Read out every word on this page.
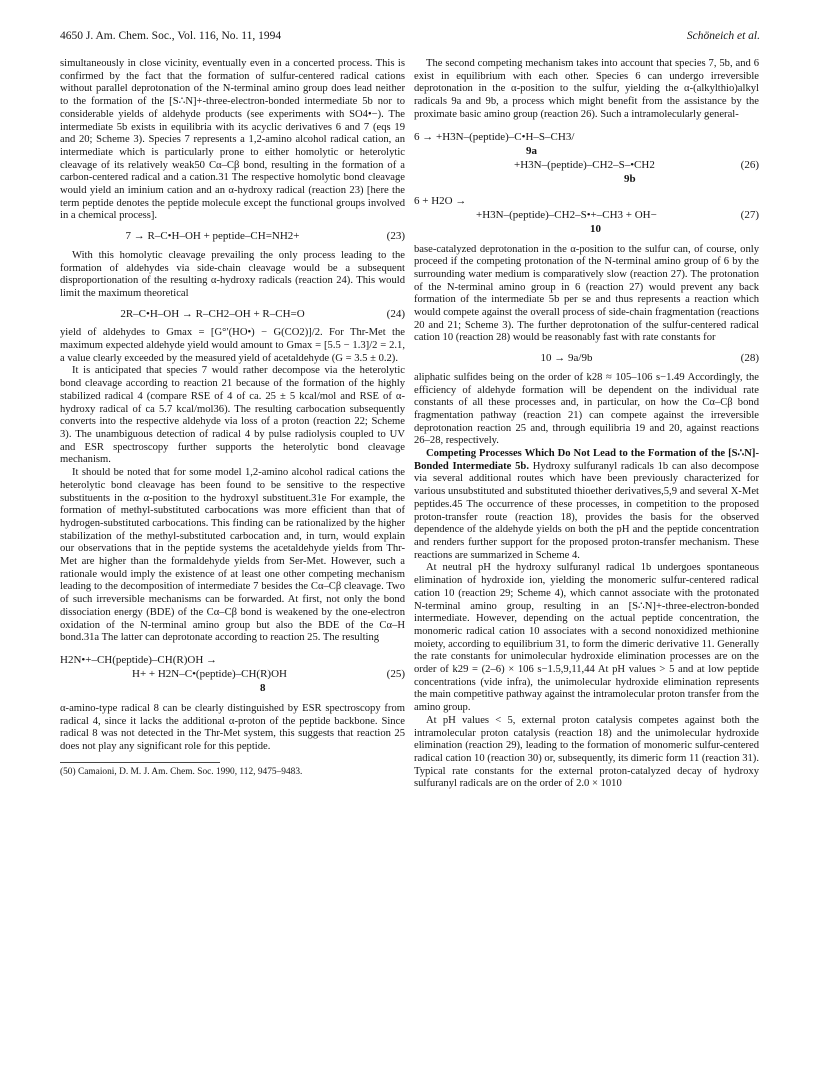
4650 J. Am. Chem. Soc., Vol. 116, No. 11, 1994	Schöneich et al.

simultaneously in close vicinity, eventually even in a concerted process. This is confirmed by the fact that the formation of sulfur-centered radical cations without parallel deprotonation of the N-terminal amino group does lead neither to the formation of the [S∴N]+-three-electron-bonded intermediate 5b nor to considerable yields of aldehyde products (see experiments with SO4•−). The intermediate 5b exists in equilibria with its acyclic derivatives 6 and 7 (eqs 19 and 20; Scheme 3). Species 7 represents a 1,2-amino alcohol radical cation, an intermediate which is particularly prone to either homolytic or heterolytic cleavage of its relatively weak50 Cα–Cβ bond, resulting in the formation of a carbon-centered radical and a cation.31 The respective homolytic bond cleavage would yield an iminium cation and an α-hydroxy radical (reaction 23) [here the term peptide denotes the peptide molecule except the functional groups involved in a chemical process].

7 → R–C•H–OH + peptide–CH=NH2+	(23)

With this homolytic cleavage prevailing the only process leading to the formation of aldehydes via side-chain cleavage would be a subsequent disproportionation of the resulting α-hydroxy radicals (reaction 24). This would limit the maximum theoretical

2R–C•H–OH → R–CH2–OH + R–CH=O	(24)

yield of aldehydes to Gmax = [G°′(HO•) − G(CO2)]/2. For Thr-Met the maximum expected aldehyde yield would amount to Gmax = [5.5 − 1.3]/2 = 2.1, a value clearly exceeded by the measured yield of acetaldehyde (G = 3.5 ± 0.2).

It is anticipated that species 7 would rather decompose via the heterolytic bond cleavage according to reaction 21 because of the formation of the highly stabilized radical 4 (compare RSE of 4 of ca. 25 ± 5 kcal/mol and RSE of α-hydroxy radical of ca 5.7 kcal/mol36). The resulting carbocation subsequently converts into the respective aldehyde via loss of a proton (reaction 22; Scheme 3). The unambiguous detection of radical 4 by pulse radiolysis coupled to UV and ESR spectroscopy further supports the heterolytic bond cleavage mechanism.

It should be noted that for some model 1,2-amino alcohol radical cations the heterolytic bond cleavage has been found to be sensitive to the respective substituents in the α-position to the hydroxyl substituent.31e For example, the formation of methyl-substituted carbocations was more efficient than that of hydrogen-substituted carbocations. This finding can be rationalized by the higher stabilization of the methyl-substituted carbocation and, in turn, would explain our observations that in the peptide systems the acetaldehyde yields from Thr-Met are higher than the formaldehyde yields from Ser-Met. However, such a rationale would imply the existence of at least one other competing mechanism leading to the decomposition of intermediate 7 besides the Cα–Cβ cleavage. Two of such irreversible mechanisms can be forwarded. At first, not only the bond dissociation energy (BDE) of the Cα–Cβ bond is weakened by the one-electron oxidation of the N-terminal amino group but also the BDE of the Cα–H bond.31a The latter can deprotonate according to reaction 25. The resulting

H2N•+–CH(peptide)–CH(R)OH →
H+ + H2N–C•(peptide)–CH(R)OH	(25)
8

α-amino-type radical 8 can be clearly distinguished by ESR spectroscopy from radical 4, since it lacks the additional α-proton of the peptide backbone. Since radical 8 was not detected in the Thr-Met system, this suggests that reaction 25 does not play any significant role for this peptide.

(50) Camaioni, D. M. J. Am. Chem. Soc. 1990, 112, 9475–9483.

The second competing mechanism takes into account that species 7, 5b, and 6 exist in equilibrium with each other. Species 6 can undergo irreversible deprotonation in the α-position to the sulfur, yielding the α-(alkylthio)alkyl radicals 9a and 9b, a process which might benefit from the assistance by the proximate basic amino group (reaction 26). Such a intramolecularly general-

6 → +H3N–(peptide)–C•H–S–CH3/
9a
+H3N–(peptide)–CH2–S–•CH2	(26)
9b
6 + H2O →
+H3N–(peptide)–CH2–S•+–CH3 + OH−	(27)
10

base-catalyzed deprotonation in the α-position to the sulfur can, of course, only proceed if the competing protonation of the N-terminal amino group of 6 by the surrounding water medium is comparatively slow (reaction 27). The protonation of the N-terminal amino group in 6 (reaction 27) would prevent any back formation of the intermediate 5b per se and thus represents a reaction which would compete against the overall process of side-chain fragmentation (reactions 20 and 21; Scheme 3). The further deprotonation of the sulfur-centered radical cation 10 (reaction 28) would be reasonably fast with rate constants for

10 → 9a/9b	(28)

aliphatic sulfides being on the order of k28 ≈ 105–106 s−1.49 Accordingly, the efficiency of aldehyde formation will be dependent on the individual rate constants of all these processes and, in particular, on how the Cα–Cβ bond fragmentation pathway (reaction 21) can compete against the irreversible deprotonation reaction 25 and, through equilibria 19 and 20, against reactions 26–28, respectively.

Competing Processes Which Do Not Lead to the Formation of the [S∴N]-Bonded Intermediate 5b. Hydroxy sulfuranyl radicals 1b can also decompose via several additional routes which have been previously characterized for various unsubstituted and substituted thioether derivatives,5,9 and several X-Met peptides.45 The occurrence of these processes, in competition to the proposed proton-transfer route (reaction 18), provides the basis for the observed dependence of the aldehyde yields on both the pH and the peptide concentration and renders further support for the proposed proton-transfer mechanism. These reactions are summarized in Scheme 4.

At neutral pH the hydroxy sulfuranyl radical 1b undergoes spontaneous elimination of hydroxide ion, yielding the monomeric sulfur-centered radical cation 10 (reaction 29; Scheme 4), which cannot associate with the protonated N-terminal amino group, resulting in an [S∴N]+-three-electron-bonded intermediate. However, depending on the actual peptide concentration, the monomeric radical cation 10 associates with a second nonoxidized methionine moiety, according to equilibrium 31, to form the dimeric derivative 11. Generally the rate constants for unimolecular hydroxide elimination processes are on the order of k29 = (2–6) × 106 s−1.5,9,11,44 At pH values > 5 and at low peptide concentrations (vide infra), the unimolecular hydroxide elimination represents the main competitive pathway against the intramolecular proton transfer from the amino group.

At pH values < 5, external proton catalysis competes against both the intramolecular proton catalysis (reaction 18) and the unimolecular hydroxide elimination (reaction 29), leading to the formation of monomeric sulfur-centered radical cation 10 (reaction 30) or, subsequently, its dimeric form 11 (reaction 31). Typical rate constants for the external proton-catalyzed decay of hydroxy sulfuranyl radicals are on the order of 2.0 × 1010
